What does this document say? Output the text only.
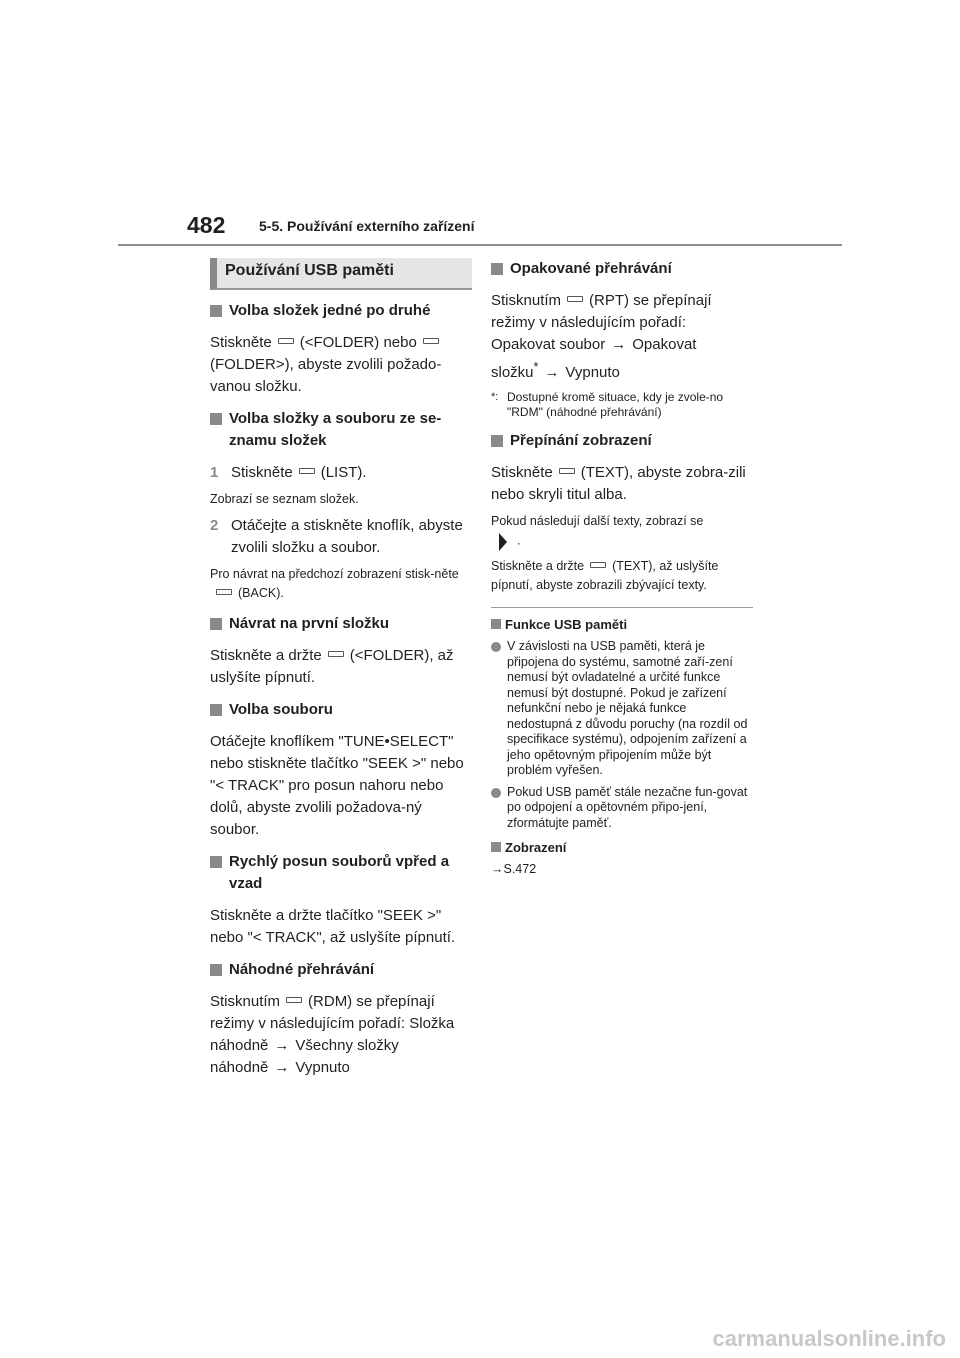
482 5-5. Používání externího zařízení
Používání USB paměti
Volba složek jedné po druhé
Stiskněte (<FOLDER) nebo(FOLDER>), abyste zvolili požado-vanou složku.
Volba složky a souboru ze se-znamu složek
1 Stiskněte (LIST).
Zobrazí se seznam složek.
2 Otáčejte a stiskněte knoflík, abyste zvolili složku a soubor.
Pro návrat na předchozí zobrazení stisk-něte(BACK).
Návrat na první složku
Stiskněte a držte (<FOLDER), až uslyšíte pípnutí.
Volba souboru
Otáčejte knoflíkem "TUNE•SELECT" nebo stiskněte tlačítko "SEEK >" nebo "< TRACK" pro posun nahoru nebo dolů, abyste zvolili požadova-ný soubor.
Rychlý posun souborů vpřed a vzad
Stiskněte a držte tlačítko "SEEK >" nebo "< TRACK", až uslyšíte pípnutí.
Náhodné přehrávání
Stisknutím (RDM) se přepínají režimy v následujícím pořadí: Složka náhodně → Všechny složky náhodně → Vypnuto
Opakované přehrávání
Stisknutím (RPT) se přepínají režimy v následujícím pořadí: Opakovat soubor → Opakovat složku* → Vypnuto
*: Dostupné kromě situace, kdy je zvole-no "RDM" (náhodné přehrávání)
Přepínání zobrazení
Stiskněte (TEXT), abyste zobra-zili nebo skryli titul alba.
Pokud následují další texty, zobrazí se
.
Stiskněte a držte (TEXT), až uslyšíte pípnutí, abyste zobrazili zbývající texty.
Funkce USB paměti
V závislosti na USB paměti, která je připojena do systému, samotné zaří-zení nemusí být ovladatelné a určité funkce nemusí být dostupné. Pokud je zařízení nefunkční nebo je nějaká funkce nedostupná z důvodu poruchy (na rozdíl od specifikace systému), odpojením zařízení a jeho opětovným připojením může být problém vyřešen.
Pokud USB paměť stále nezačne fun-govat po odpojení a opětovném připo-jení, zformátujte paměť.
Zobrazení
→ S.472
carmanualsonline.info
